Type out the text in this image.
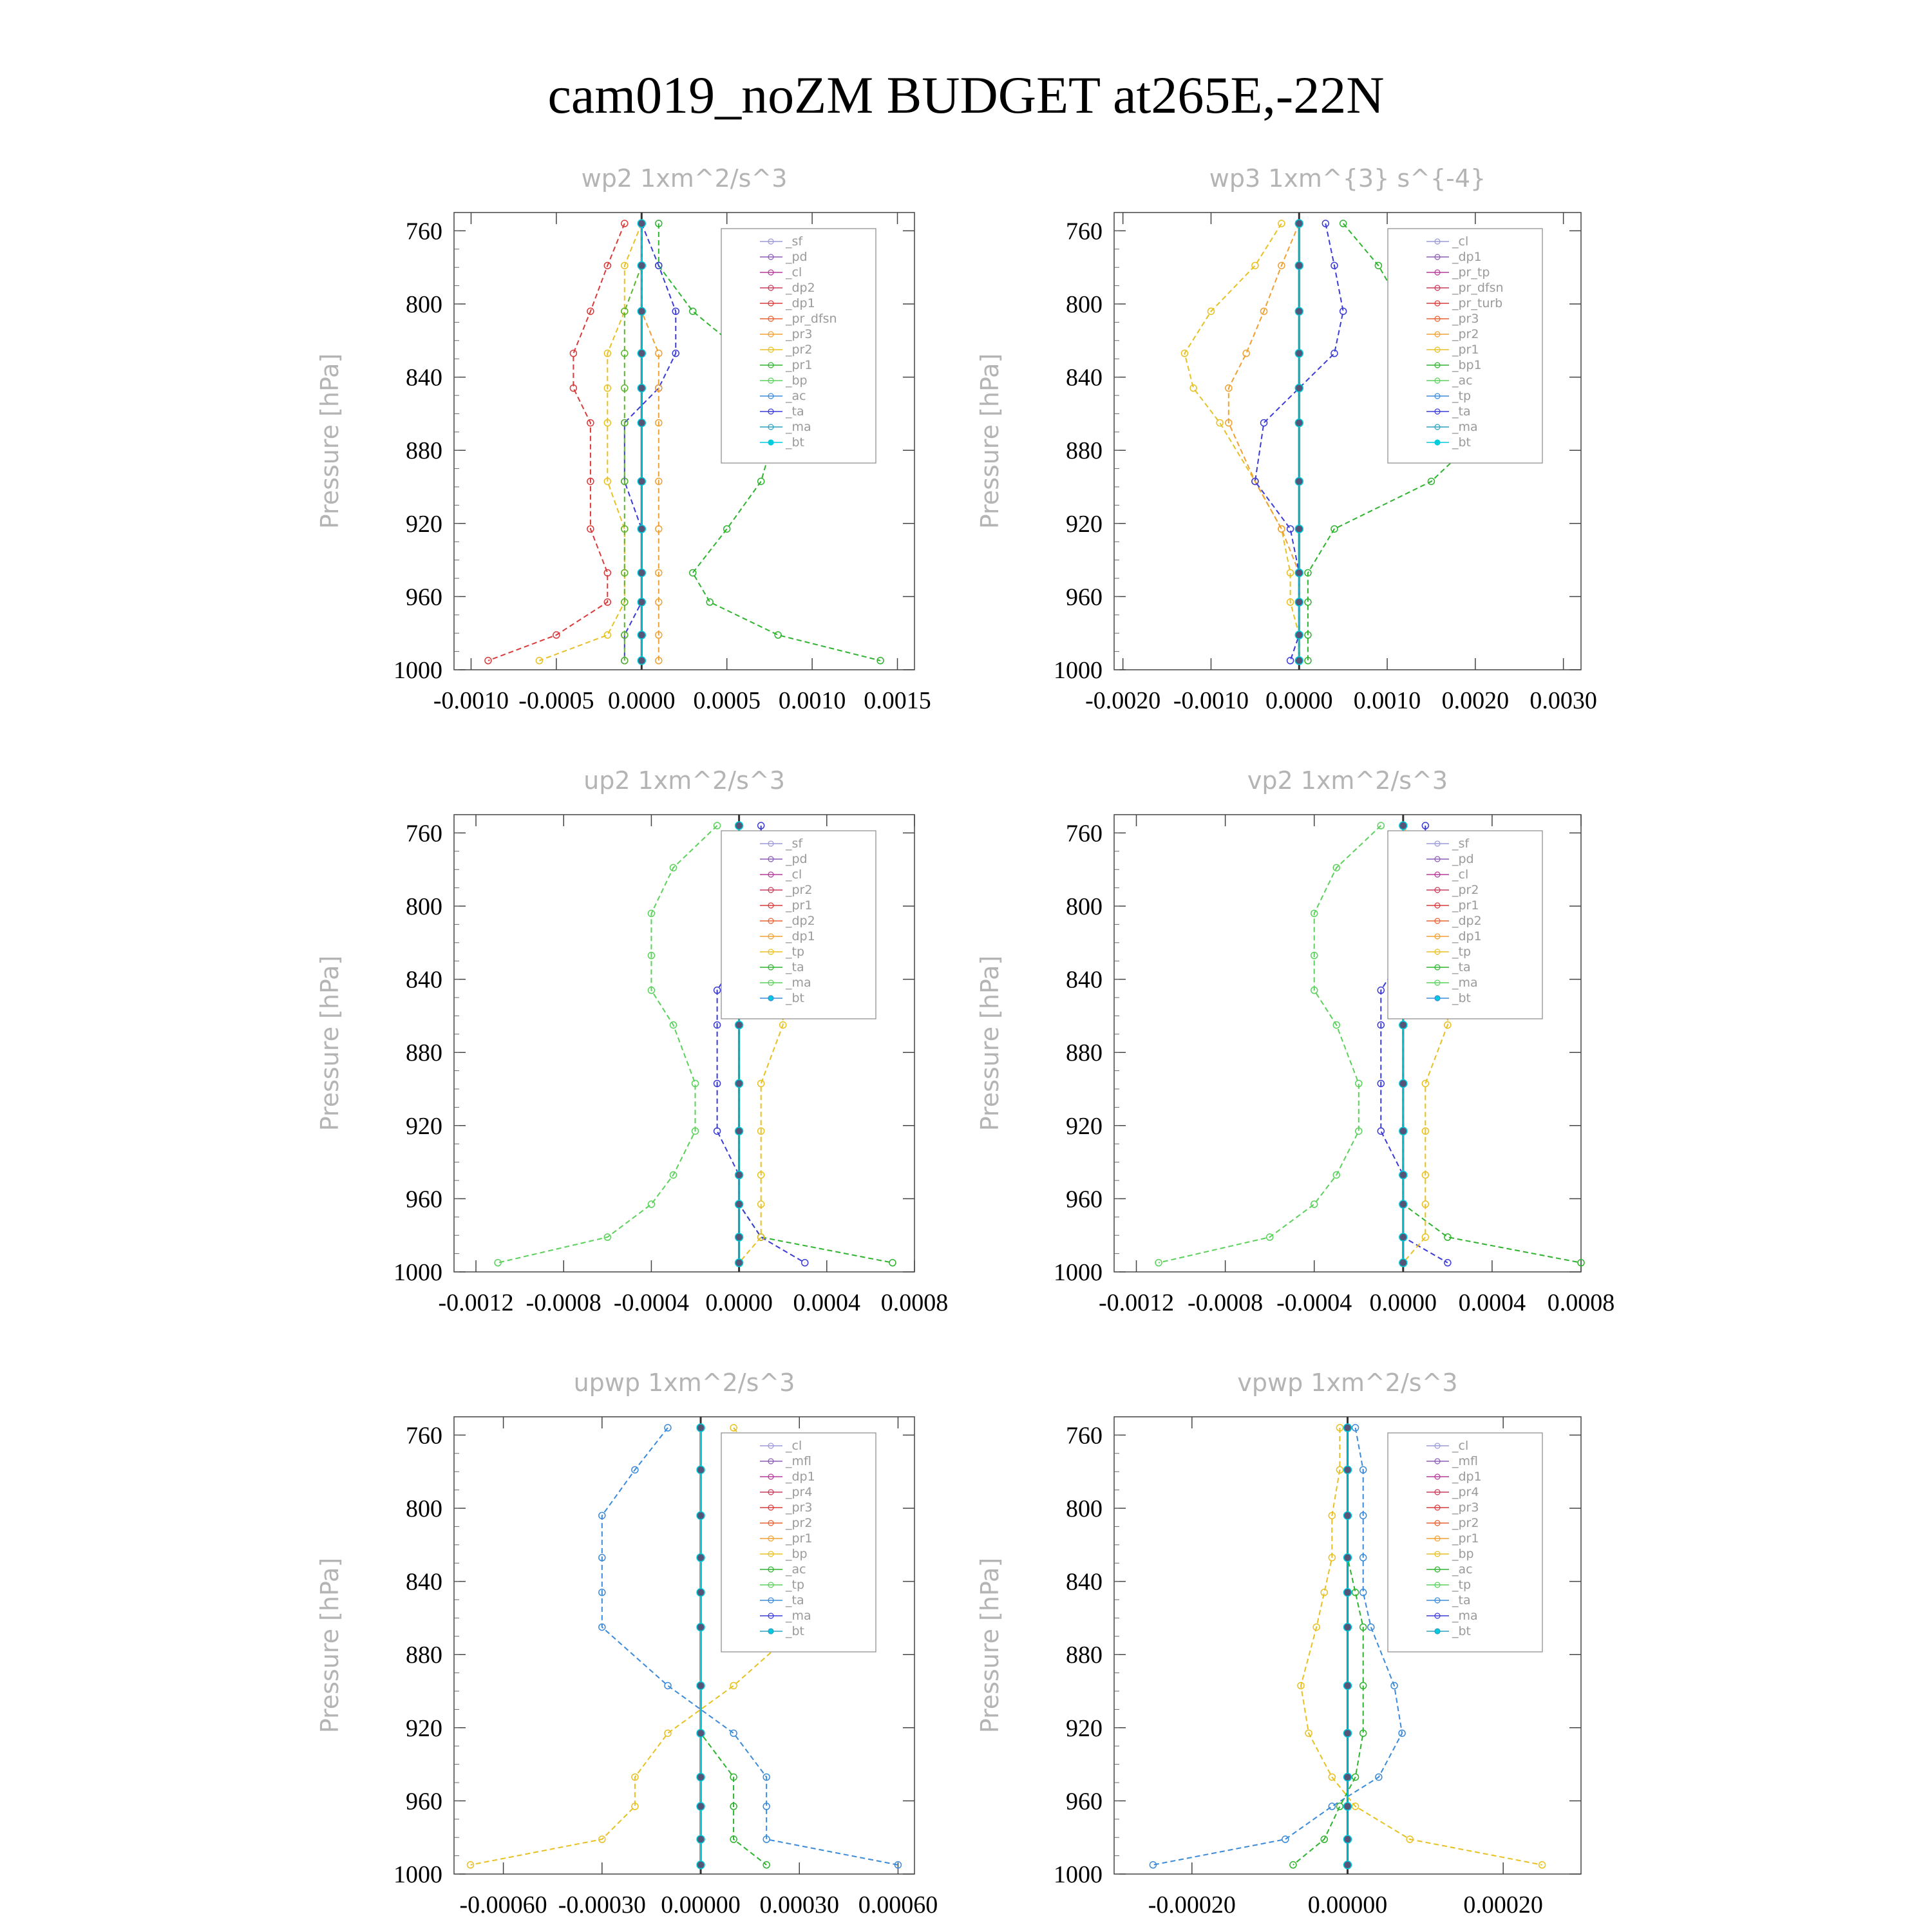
cam019_noZM BUDGET at265E,-22N
wp2 1xm^2/s^3
Pressure [hPa]
760
800
840
880
920
960
1000
-0.0010 -0.0005 0.0000 0.0005 0.0010 0.0015
_sf
_pd
_cl
_dp2
_dp1
_pr_dfsn
_pr3
_pr2
_pr1
_bp
_ac
_ta
_ma
_bt
wp3 1xm^{3} s^{-4}
Pressure [hPa]
760
800
840
880
920
960
1000
-0.0020 -0.0010 0.0000 0.0010 0.0020 0.0030
_cl
_dp1
_pr_tp
_pr_dfsn
_pr_turb
_pr3
_pr2
_pr1
_bp1
_ac
_tp
_ta
_ma
_bt
up2 1xm^2/s^3
Pressure [hPa]
760
800
840
880
920
960
1000
-0.0012 -0.0008 -0.0004 0.0000 0.0004 0.0008
_sf
_pd
_cl
_pr2
_pr1
_dp2
_dp1
_tp
_ta
_ma
_bt
vp2 1xm^2/s^3
Pressure [hPa]
760
800
840
880
920
960
1000
-0.0012 -0.0008 -0.0004 0.0000 0.0004 0.0008
_sf
_pd
_cl
_pr2
_pr1
_dp2
_dp1
_tp
_ta
_ma
_bt
upwp 1xm^2/s^3
Pressure [hPa]
760
800
840
880
920
960
1000
-0.00060 -0.00030 0.00000 0.00030 0.00060
_cl
_mfl
_dp1
_pr4
_pr3
_pr2
_pr1
_bp
_ac
_tp
_ta
_ma
_bt
vpwp 1xm^2/s^3
Pressure [hPa]
760
800
840
880
920
960
1000
-0.00020	0.00000	0.00020
_cl
_mfl
_dp1
_pr4
_pr3
_pr2
_pr1
_bp
_ac
_tp
_ta
_ma
_bt
